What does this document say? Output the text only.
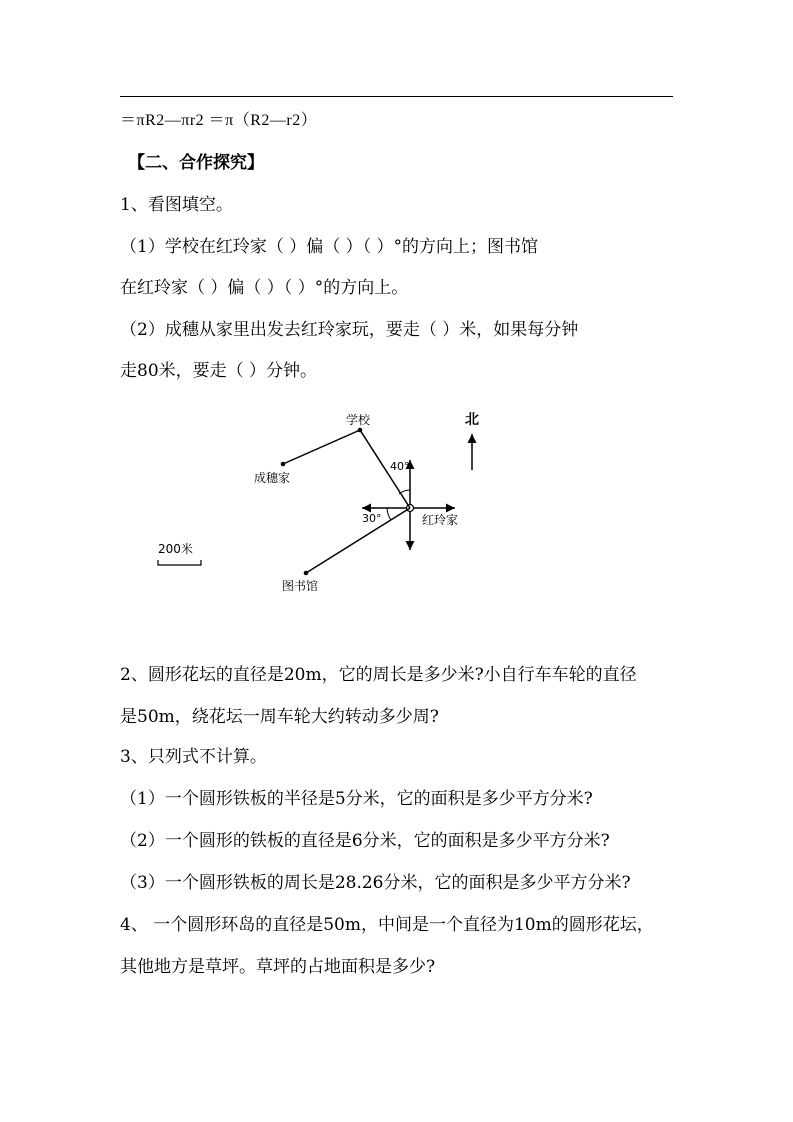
＝πR2—πr2 ＝π（R2—r2）
【二、合作探究】
1、看图填空。
（1）学校在红玲家（ ）偏（ ）（ ）°的方向上；图书馆
在红玲家（ ）偏（ ）（ ）°的方向上。
（2）成穗从家里出发去红玲家玩，要走（ ）米，如果每分钟
走80米，要走（ ）分钟。
北
学校
成穗家
红玲家
图书馆
40°
30°
200米
2、圆形花坛的直径是20m，它的周长是多少米?小自行车车轮的直径
是50m，绕花坛一周车轮大约转动多少周?
3、只列式不计算。
（1）一个圆形铁板的半径是5分米，它的面积是多少平方分米?
（2）一个圆形的铁板的直径是6分米，它的面积是多少平方分米?
（3）一个圆形铁板的周长是28.26分米，它的面积是多少平方分米?
4、 一个圆形环岛的直径是50m，中间是一个直径为10m的圆形花坛，
其他地方是草坪。草坪的占地面积是多少?
